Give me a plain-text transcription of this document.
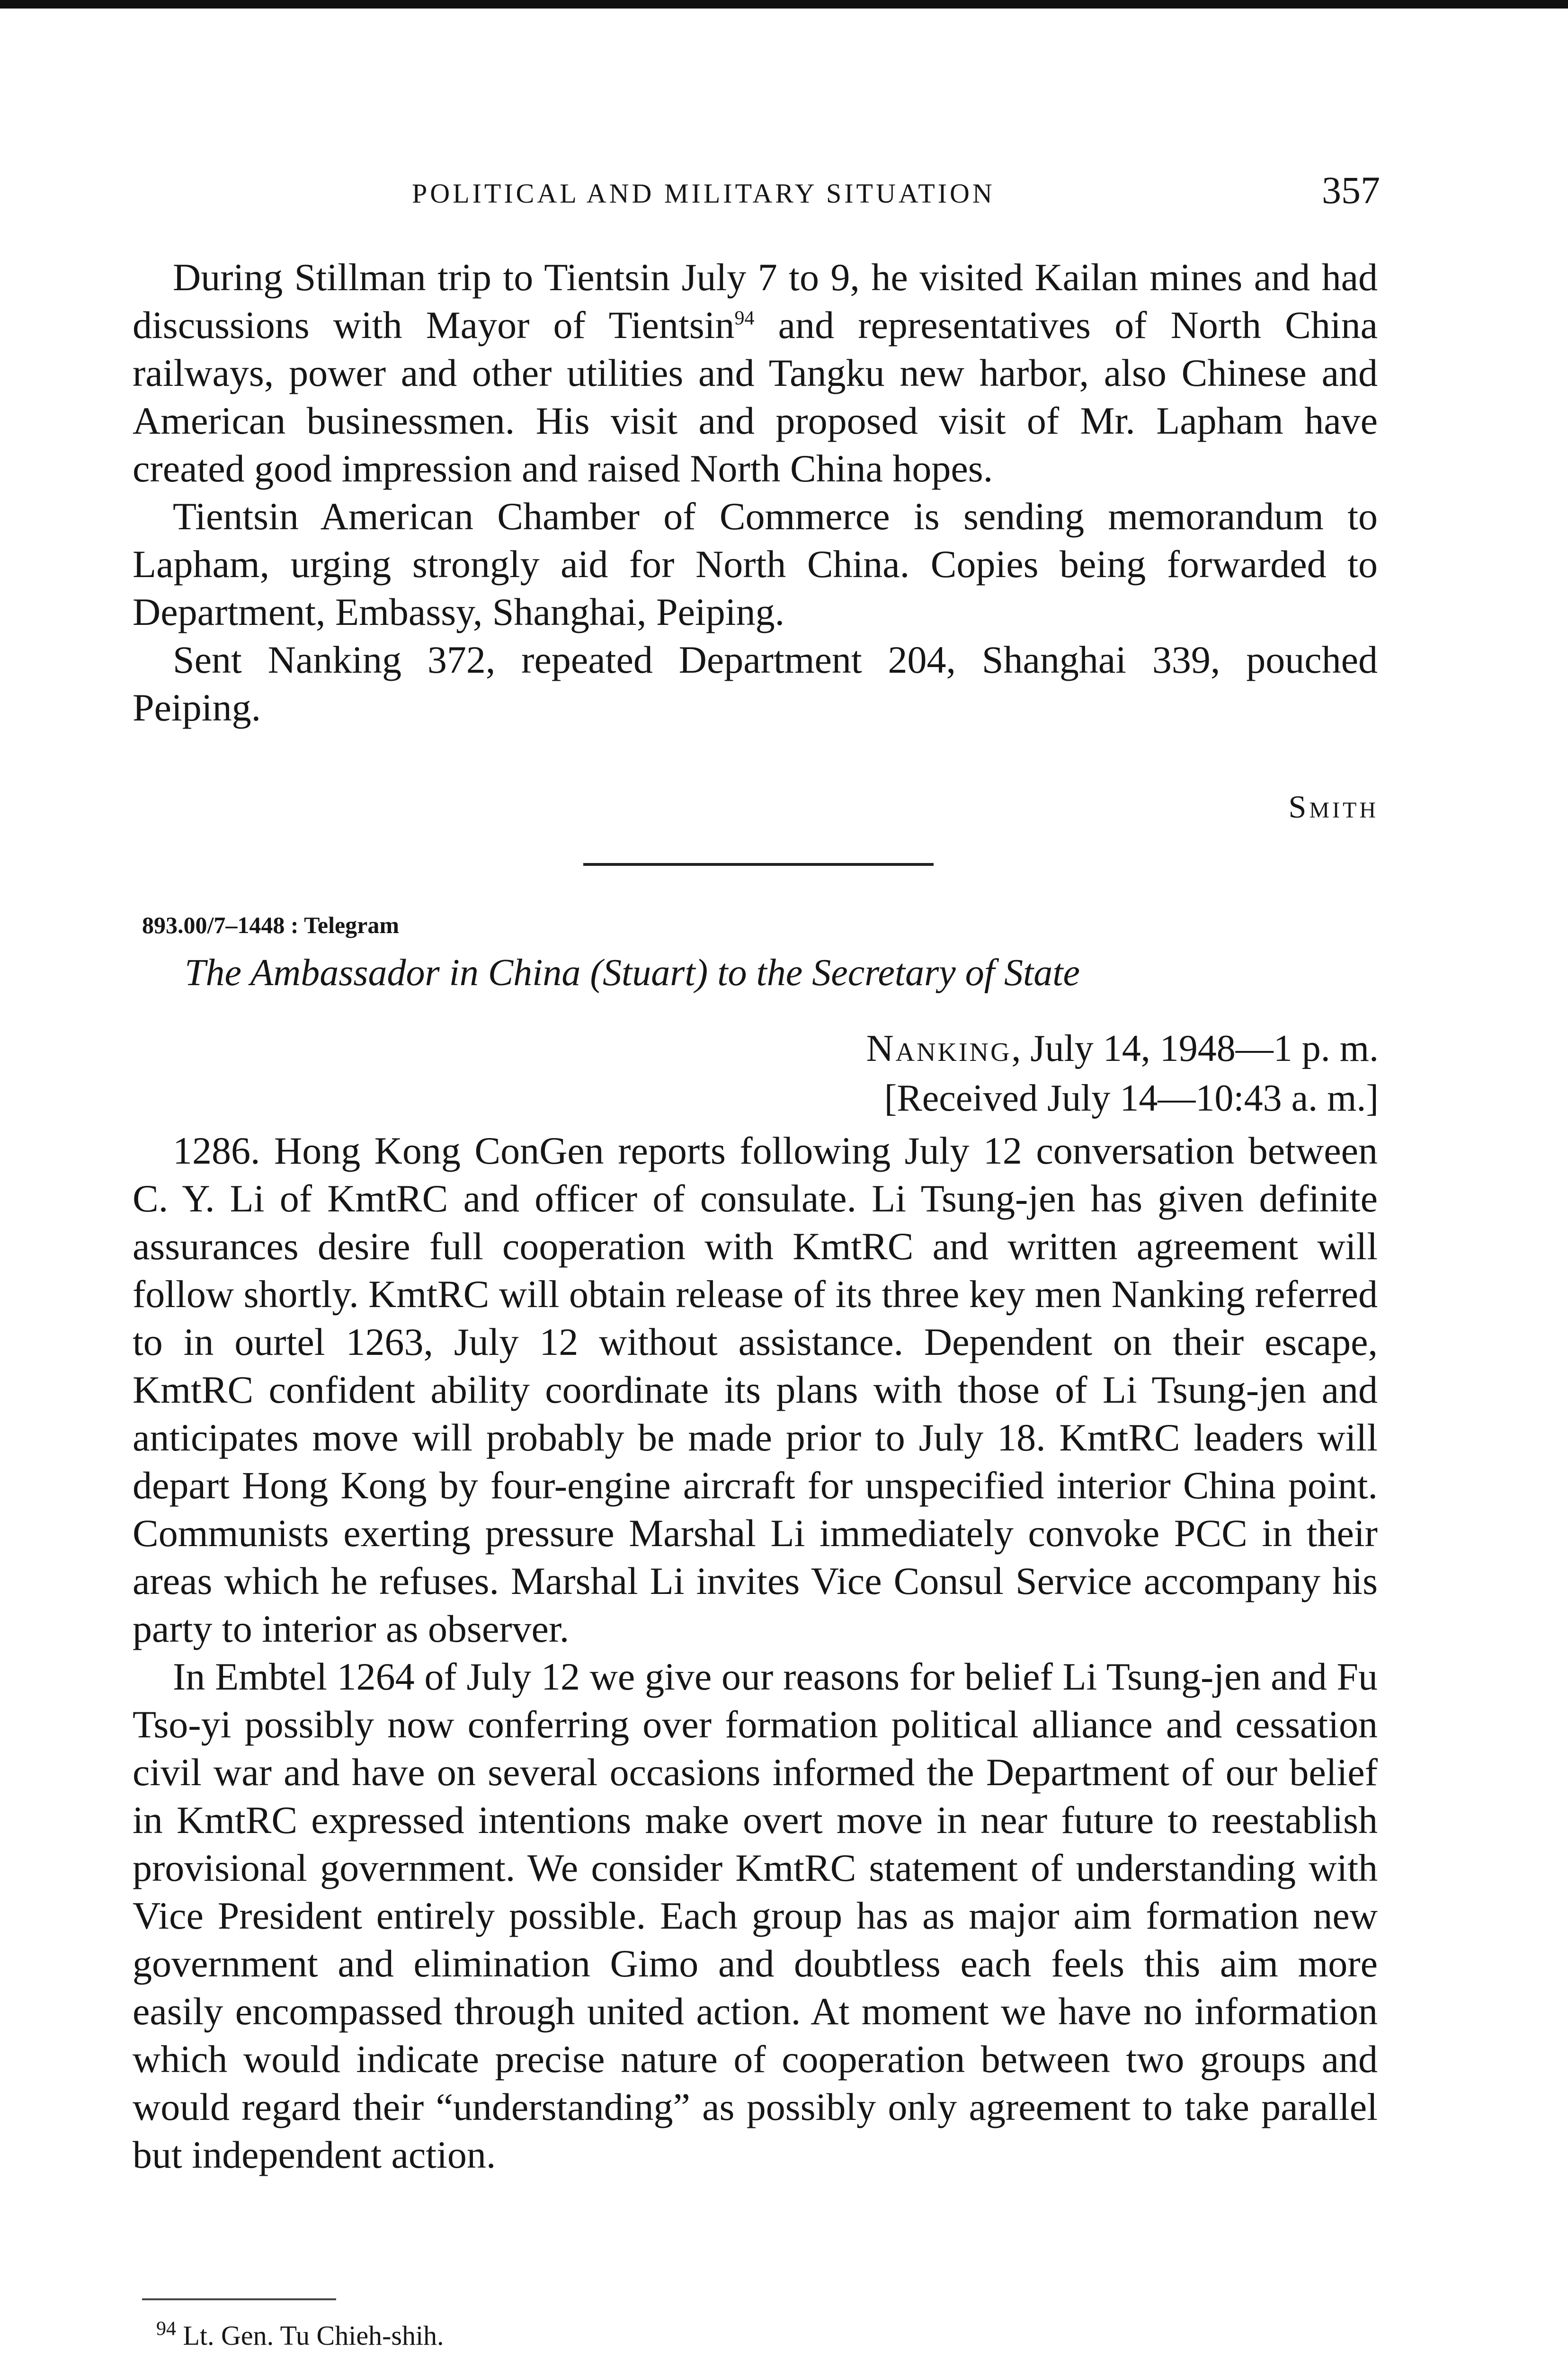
POLITICAL AND MILITARY SITUATION	357

During Stillman trip to Tientsin July 7 to 9, he visited Kailan mines and had discussions with Mayor of Tientsin$^{94}$ and representatives of North China railways, power and other utilities and Tangku new harbor, also Chinese and American businessmen. His visit and proposed visit of Mr. Lapham have created good impression and raised North China hopes.

Tientsin American Chamber of Commerce is sending memorandum to Lapham, urging strongly aid for North China. Copies being forwarded to Department, Embassy, Shanghai, Peiping.

Sent Nanking 372, repeated Department 204, Shanghai 339, pouched Peiping.

Smith
893.00/7–1448 : Telegram
The Ambassador in China (Stuart) to the Secretary of State
Nanking, July 14, 1948—1 p. m.
[Received July 14—10:43 a. m.]

1286. Hong Kong ConGen reports following July 12 conversation between C. Y. Li of KmtRC and officer of consulate. Li Tsung-jen has given definite assurances desire full cooperation with KmtRC and written agreement will follow shortly. KmtRC will obtain release of its three key men Nanking referred to in ourtel 1263, July 12 without assistance. Dependent on their escape, KmtRC confident ability coordinate its plans with those of Li Tsung-jen and anticipates move will probably be made prior to July 18. KmtRC leaders will depart Hong Kong by four-engine aircraft for unspecified interior China point. Communists exerting pressure Marshal Li immediately convoke PCC in their areas which he refuses. Marshal Li invites Vice Consul Service accompany his party to interior as observer.

In Embtel 1264 of July 12 we give our reasons for belief Li Tsung-jen and Fu Tso-yi possibly now conferring over formation political alliance and cessation civil war and have on several occasions informed the Department of our belief in KmtRC expressed intentions make overt move in near future to reestablish provisional government. We consider KmtRC statement of understanding with Vice President entirely possible. Each group has as major aim formation new government and elimination Gimo and doubtless each feels this aim more easily encompassed through united action. At moment we have no information which would indicate precise nature of cooperation between two groups and would regard their “understanding” as possibly only agreement to take parallel but independent action.

$^{94}$ Lt. Gen. Tu Chieh-shih.
